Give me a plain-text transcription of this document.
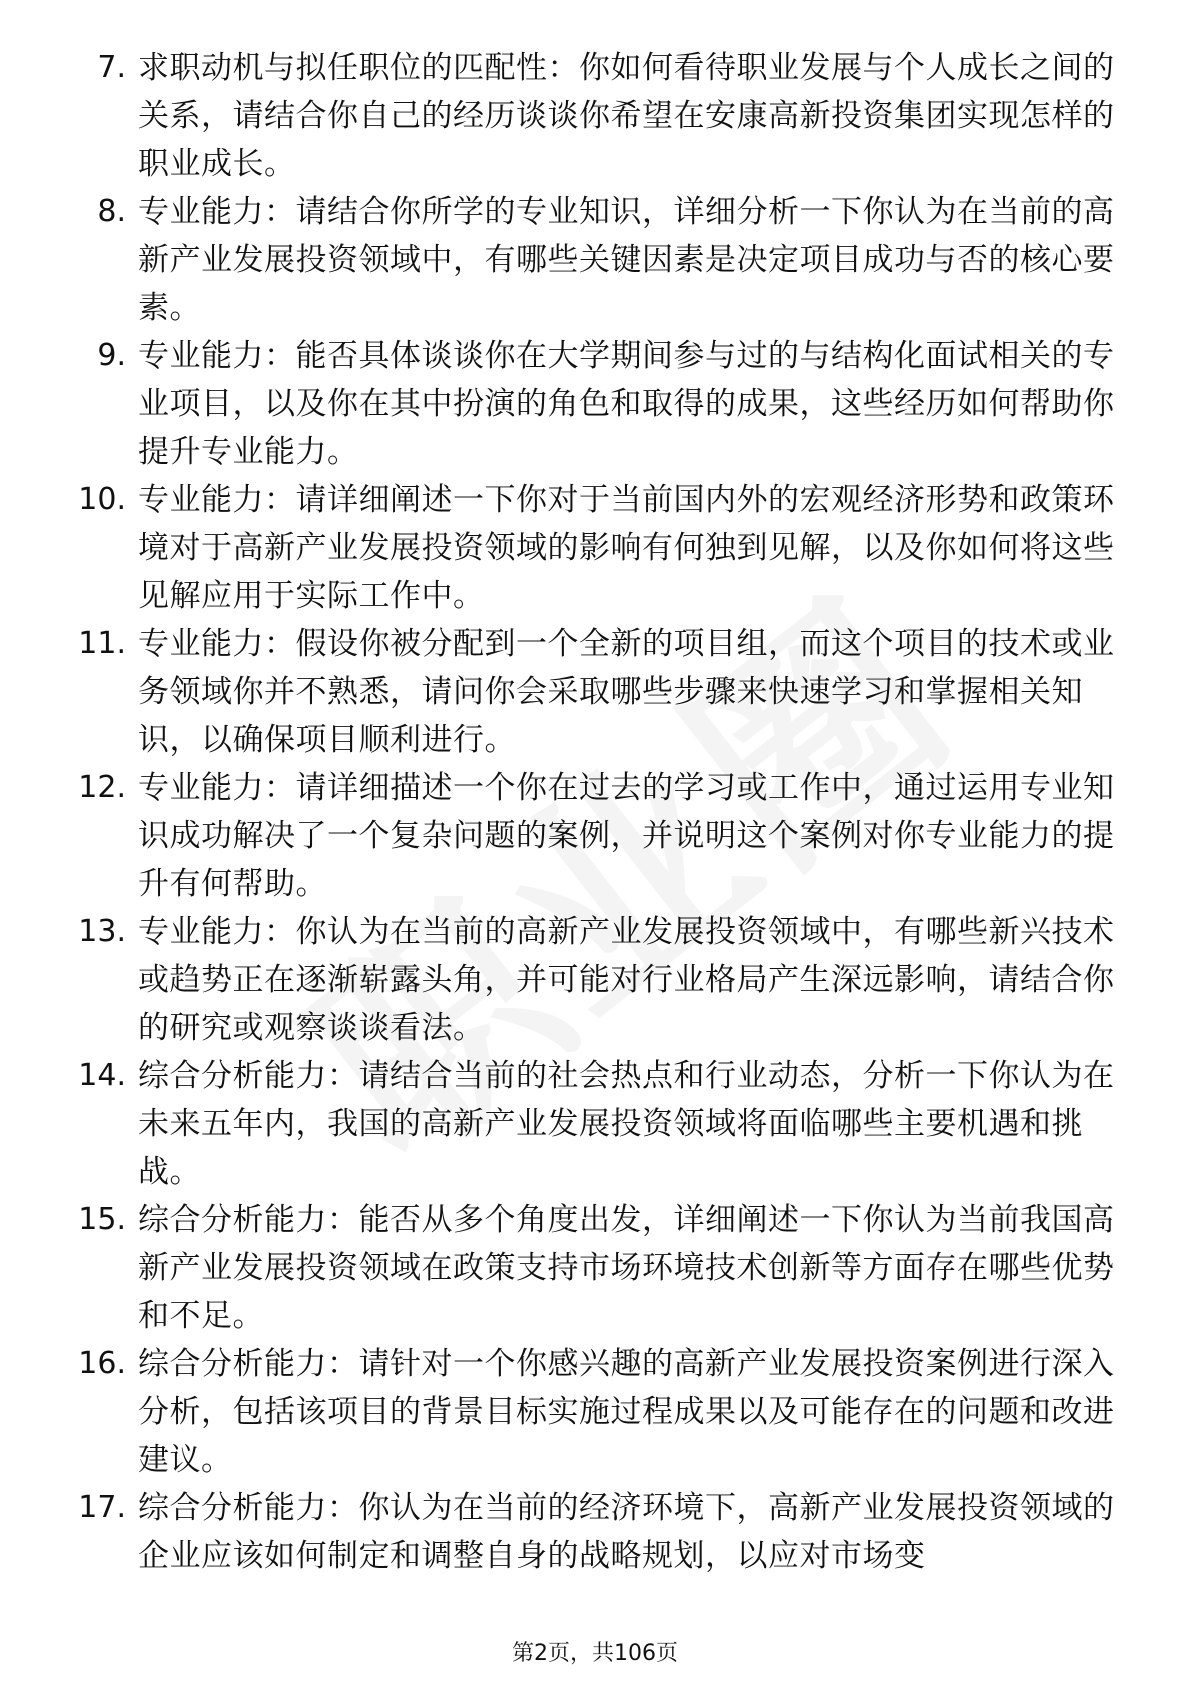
7. 求职动机与拟任职位的匹配性：你如何看待职业发展与个人成长之间的关系，请结合你自己的经历谈谈你希望在安康高新投资集团实现怎样的职业成长。
8. 专业能力：请结合你所学的专业知识，详细分析一下你认为在当前的高新产业发展投资领域中，有哪些关键因素是决定项目成功与否的核心要素。
9. 专业能力：能否具体谈谈你在大学期间参与过的与结构化面试相关的专业项目，以及你在其中扮演的角色和取得的成果，这些经历如何帮助你提升专业能力。
10. 专业能力：请详细阐述一下你对于当前国内外的宏观经济形势和政策环境对于高新产业发展投资领域的影响有何独到见解，以及你如何将这些见解应用于实际工作中。
11. 专业能力：假设你被分配到一个全新的项目组，而这个项目的技术或业务领域你并不熟悉，请问你会采取哪些步骤来快速学习和掌握相关知识，以确保项目顺利进行。
12. 专业能力：请详细描述一个你在过去的学习或工作中，通过运用专业知识成功解决了一个复杂问题的案例，并说明这个案例对你专业能力的提升有何帮助。
13. 专业能力：你认为在当前的高新产业发展投资领域中，有哪些新兴技术或趋势正在逐渐崭露头角，并可能对行业格局产生深远影响，请结合你的研究或观察谈谈看法。
14. 综合分析能力：请结合当前的社会热点和行业动态，分析一下你认为在未来五年内，我国的高新产业发展投资领域将面临哪些主要机遇和挑战。
15. 综合分析能力：能否从多个角度出发，详细阐述一下你认为当前我国高新产业发展投资领域在政策支持市场环境技术创新等方面存在哪些优势和不足。
16. 综合分析能力：请针对一个你感兴趣的高新产业发展投资案例进行深入分析，包括该项目的背景目标实施过程成果以及可能存在的问题和改进建议。
17. 综合分析能力：你认为在当前的经济环境下，高新产业发展投资领域的企业应该如何制定和调整自身的战略规划，以应对市场变
第2页，共106页
